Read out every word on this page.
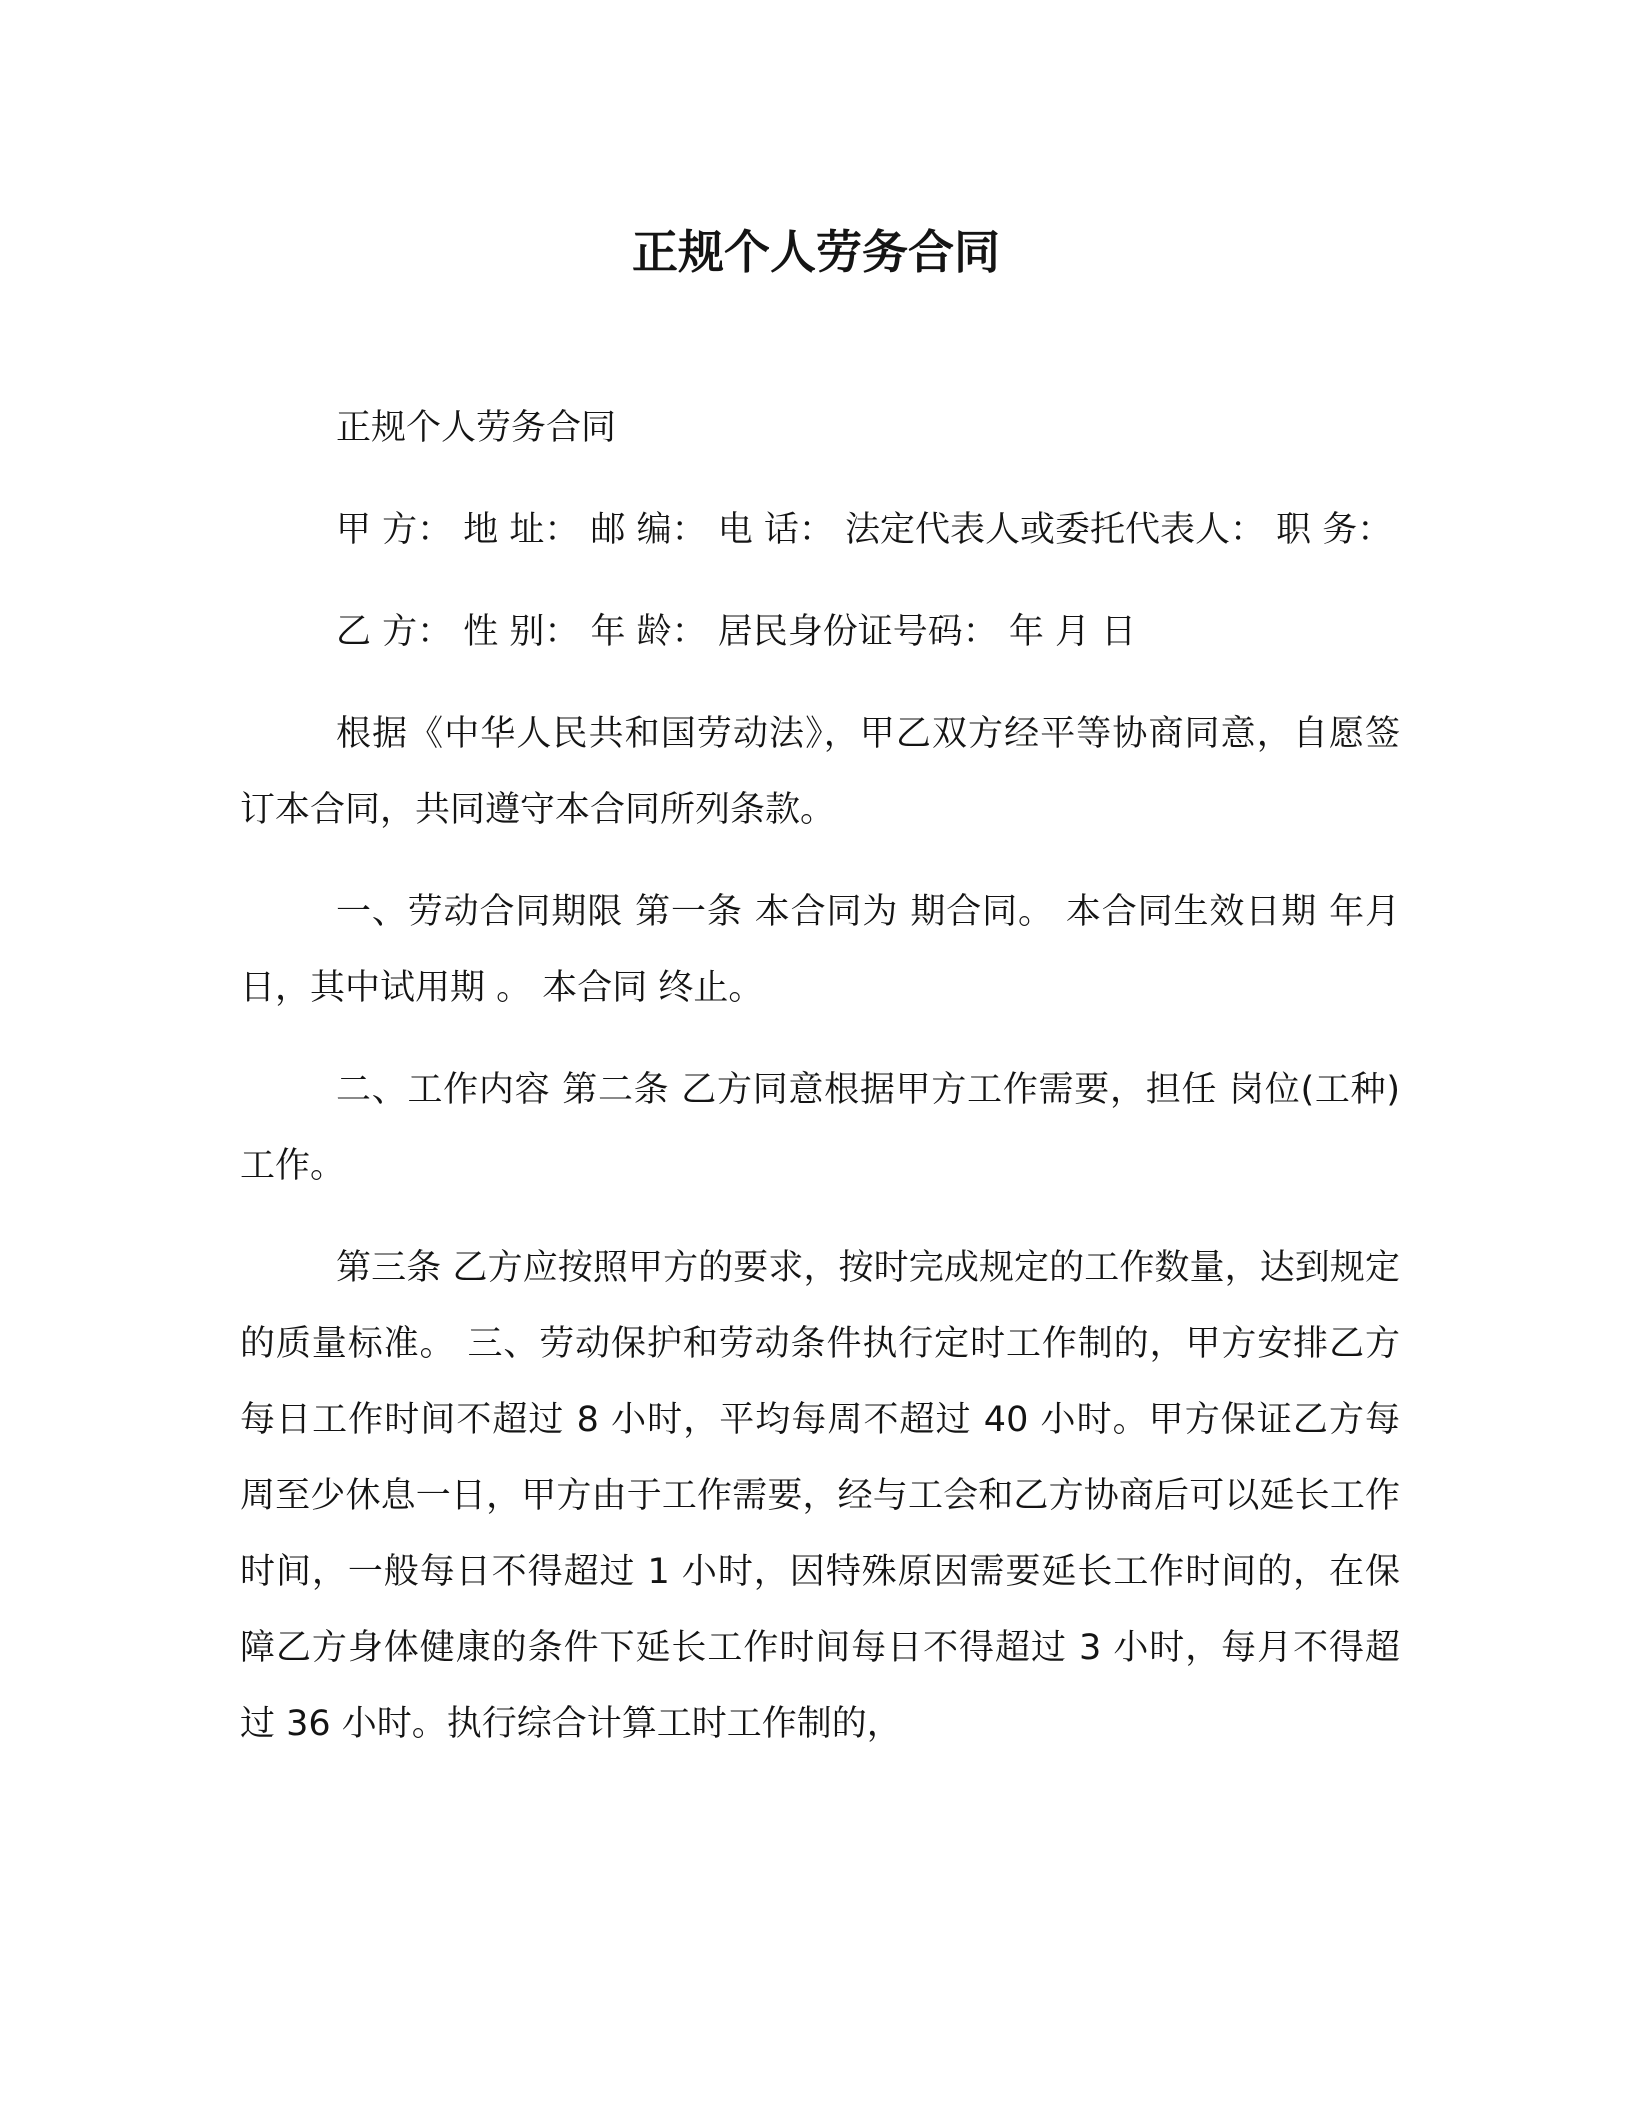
正规个人劳务合同

正规个人劳务合同

甲 方： 地 址： 邮 编： 电 话： 法定代表人或委托代表人： 职 务：

乙 方： 性 别： 年 龄： 居民身份证号码： 年 月 日

根据《中华人民共和国劳动法》，甲乙双方经平等协商同意，自愿签订本合同，共同遵守本合同所列条款。

一、劳动合同期限 第一条 本合同为 期合同。 本合同生效日期 年月 日，其中试用期 。 本合同 终止。

二、工作内容 第二条 乙方同意根据甲方工作需要，担任 岗位(工种)工作。

第三条 乙方应按照甲方的要求，按时完成规定的工作数量，达到规定的质量标准。 三、劳动保护和劳动条件执行定时工作制的，甲方安排乙方每日工作时间不超过 8 小时，平均每周不超过 40 小时。甲方保证乙方每周至少休息一日，甲方由于工作需要，经与工会和乙方协商后可以延长工作时间，一般每日不得超过 1 小时，因特殊原因需要延长工作时间的，在保障乙方身体健康的条件下延长工作时间每日不得超过 3 小时，每月不得超过 36 小时。执行综合计算工时工作制的，
